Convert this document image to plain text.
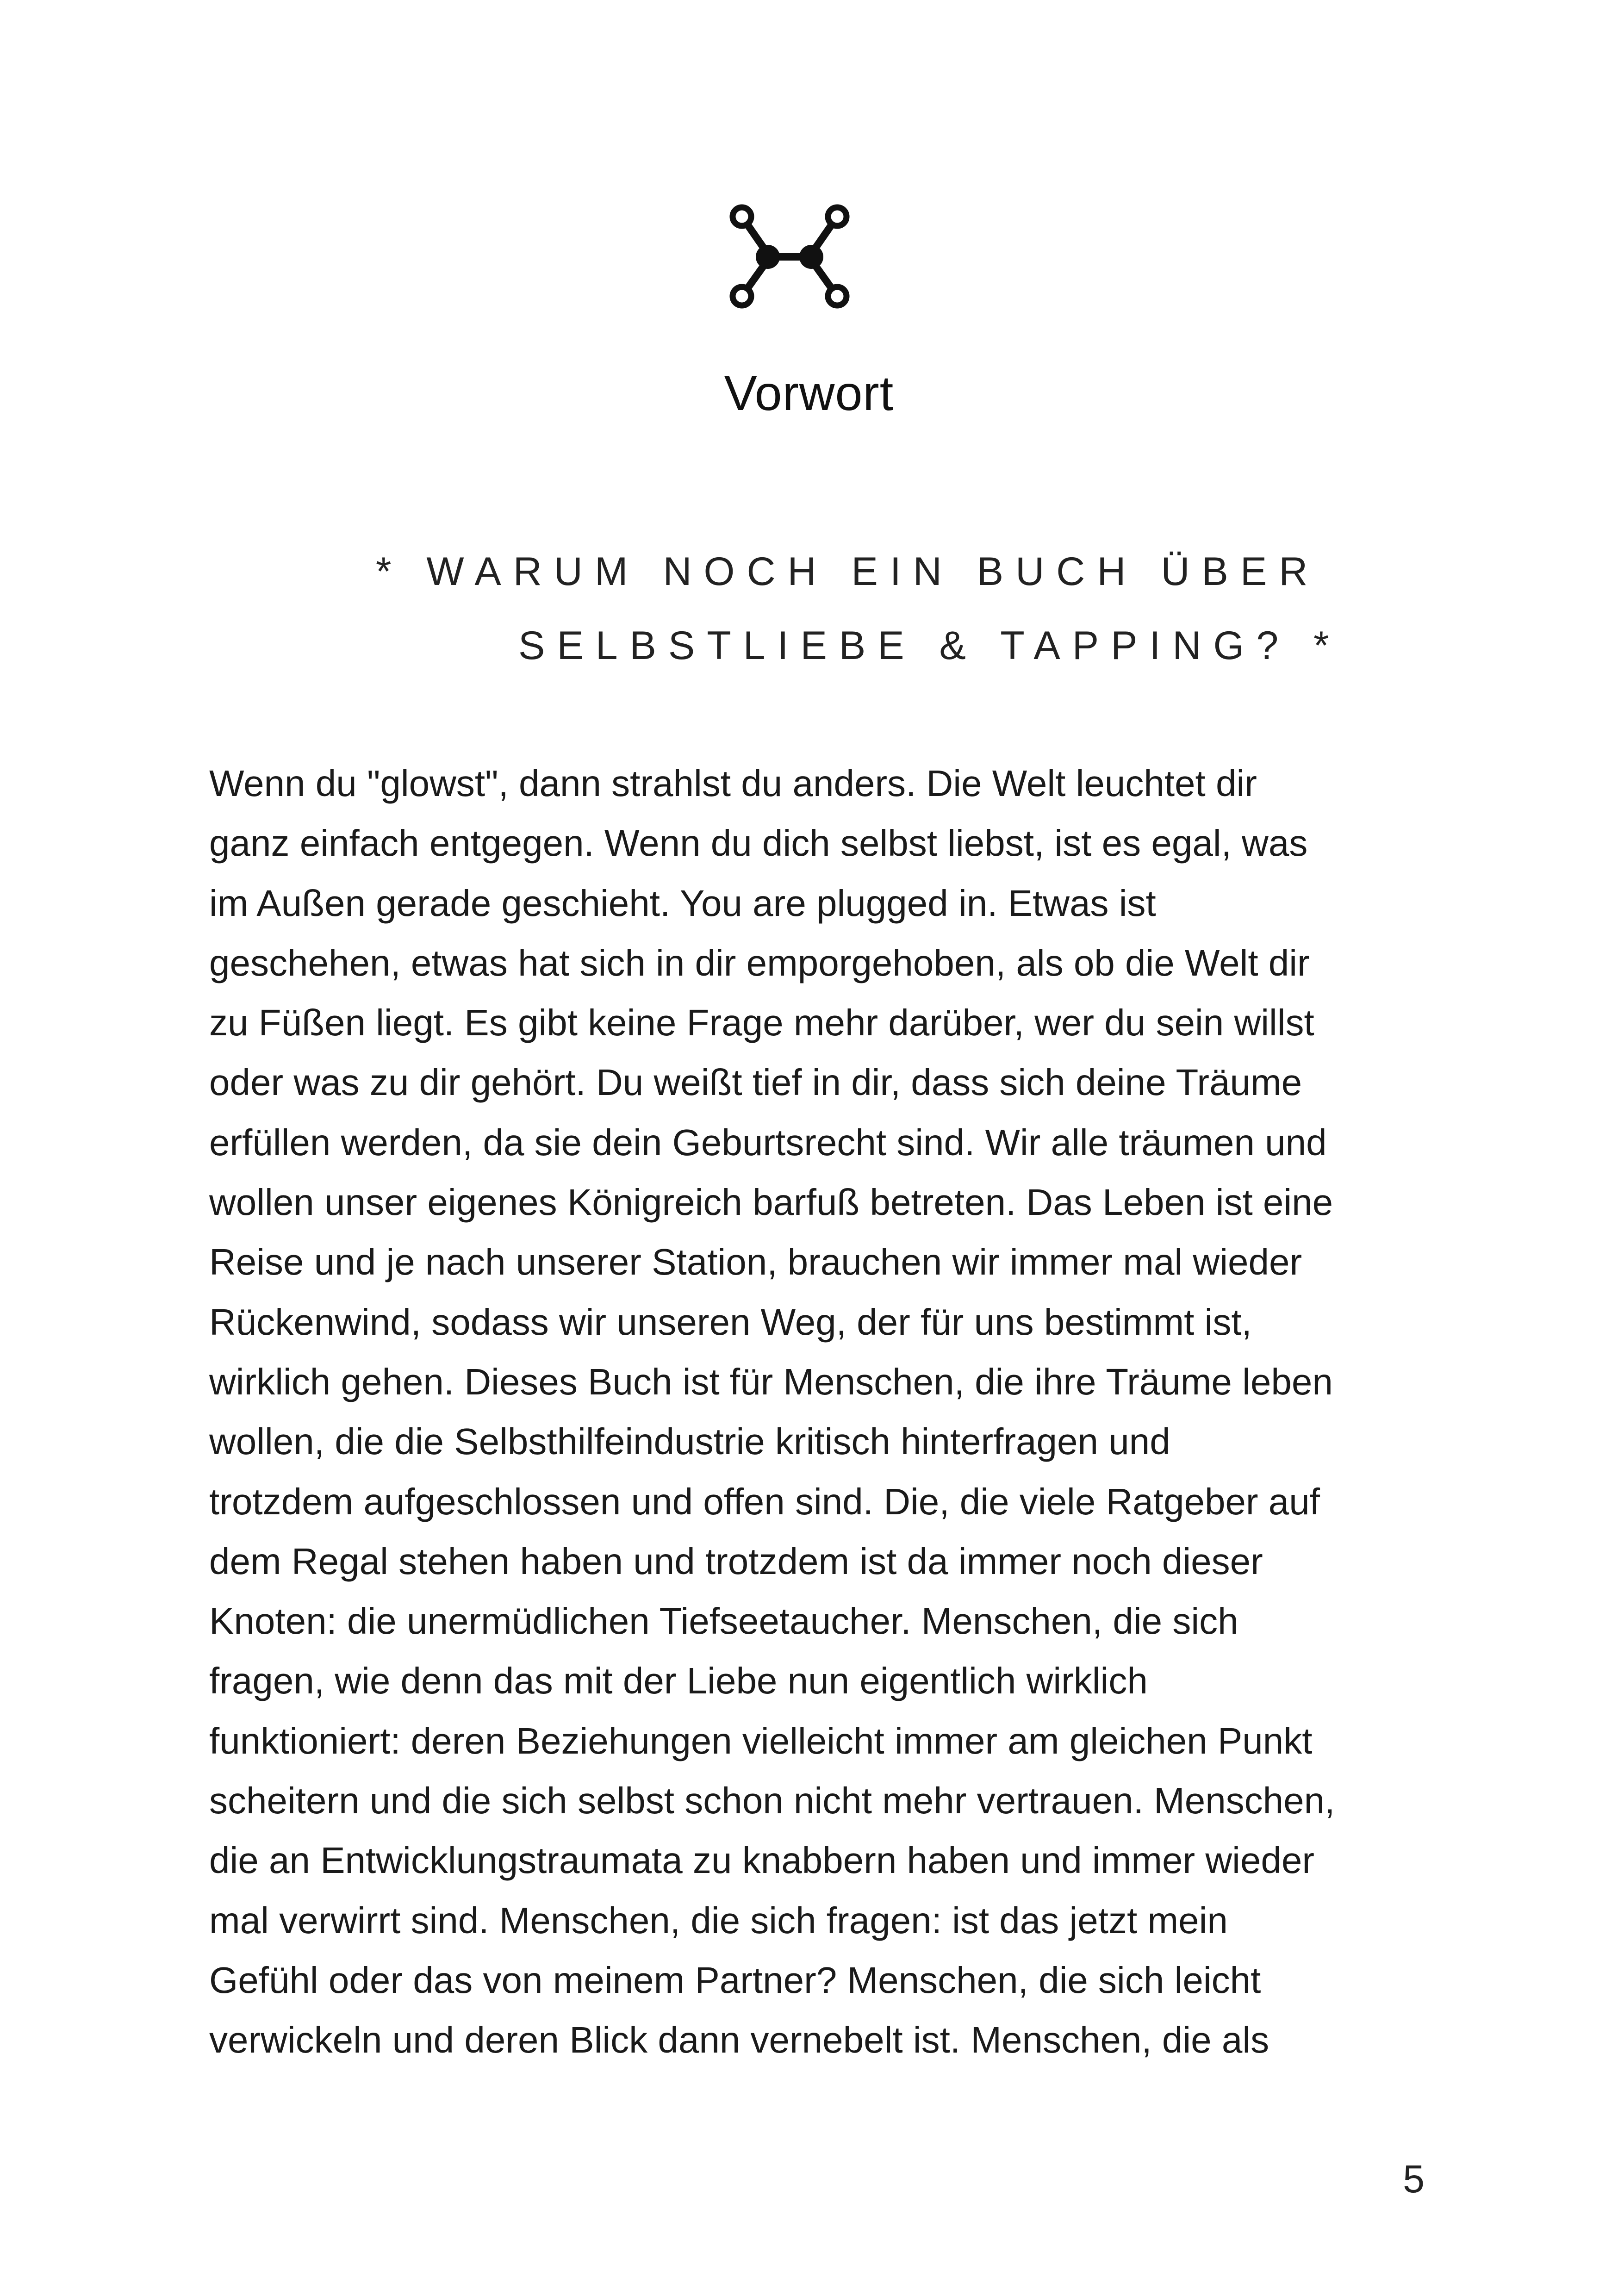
Vorwort
* WARUM NOCH EIN BUCH ÜBER
SELBSTLIEBE & TAPPING? *
Wenn du "glowst", dann strahlst du anders. Die Welt leuchtet dir
ganz einfach entgegen. Wenn du dich selbst liebst, ist es egal, was
im Außen gerade geschieht. You are plugged in. Etwas ist
geschehen, etwas hat sich in dir emporgehoben, als ob die Welt dir
zu Füßen liegt. Es gibt keine Frage mehr darüber, wer du sein willst
oder was zu dir gehört. Du weißt tief in dir, dass sich deine Träume
erfüllen werden, da sie dein Geburtsrecht sind. Wir alle träumen und
wollen unser eigenes Königreich barfuß betreten. Das Leben ist eine
Reise und je nach unserer Station, brauchen wir immer mal wieder
Rückenwind, sodass wir unseren Weg, der für uns bestimmt ist,
wirklich gehen. Dieses Buch ist für Menschen, die ihre Träume leben
wollen, die die Selbsthilfeindustrie kritisch hinterfragen und
trotzdem aufgeschlossen und offen sind. Die, die viele Ratgeber auf
dem Regal stehen haben und trotzdem ist da immer noch dieser
Knoten: die unermüdlichen Tiefseetaucher. Menschen, die sich
fragen, wie denn das mit der Liebe nun eigentlich wirklich
funktioniert: deren Beziehungen vielleicht immer am gleichen Punkt
scheitern und die sich selbst schon nicht mehr vertrauen. Menschen,
die an Entwicklungstraumata zu knabbern haben und immer wieder
mal verwirrt sind. Menschen, die sich fragen: ist das jetzt mein
Gefühl oder das von meinem Partner? Menschen, die sich leicht
verwickeln und deren Blick dann vernebelt ist. Menschen, die als
5
